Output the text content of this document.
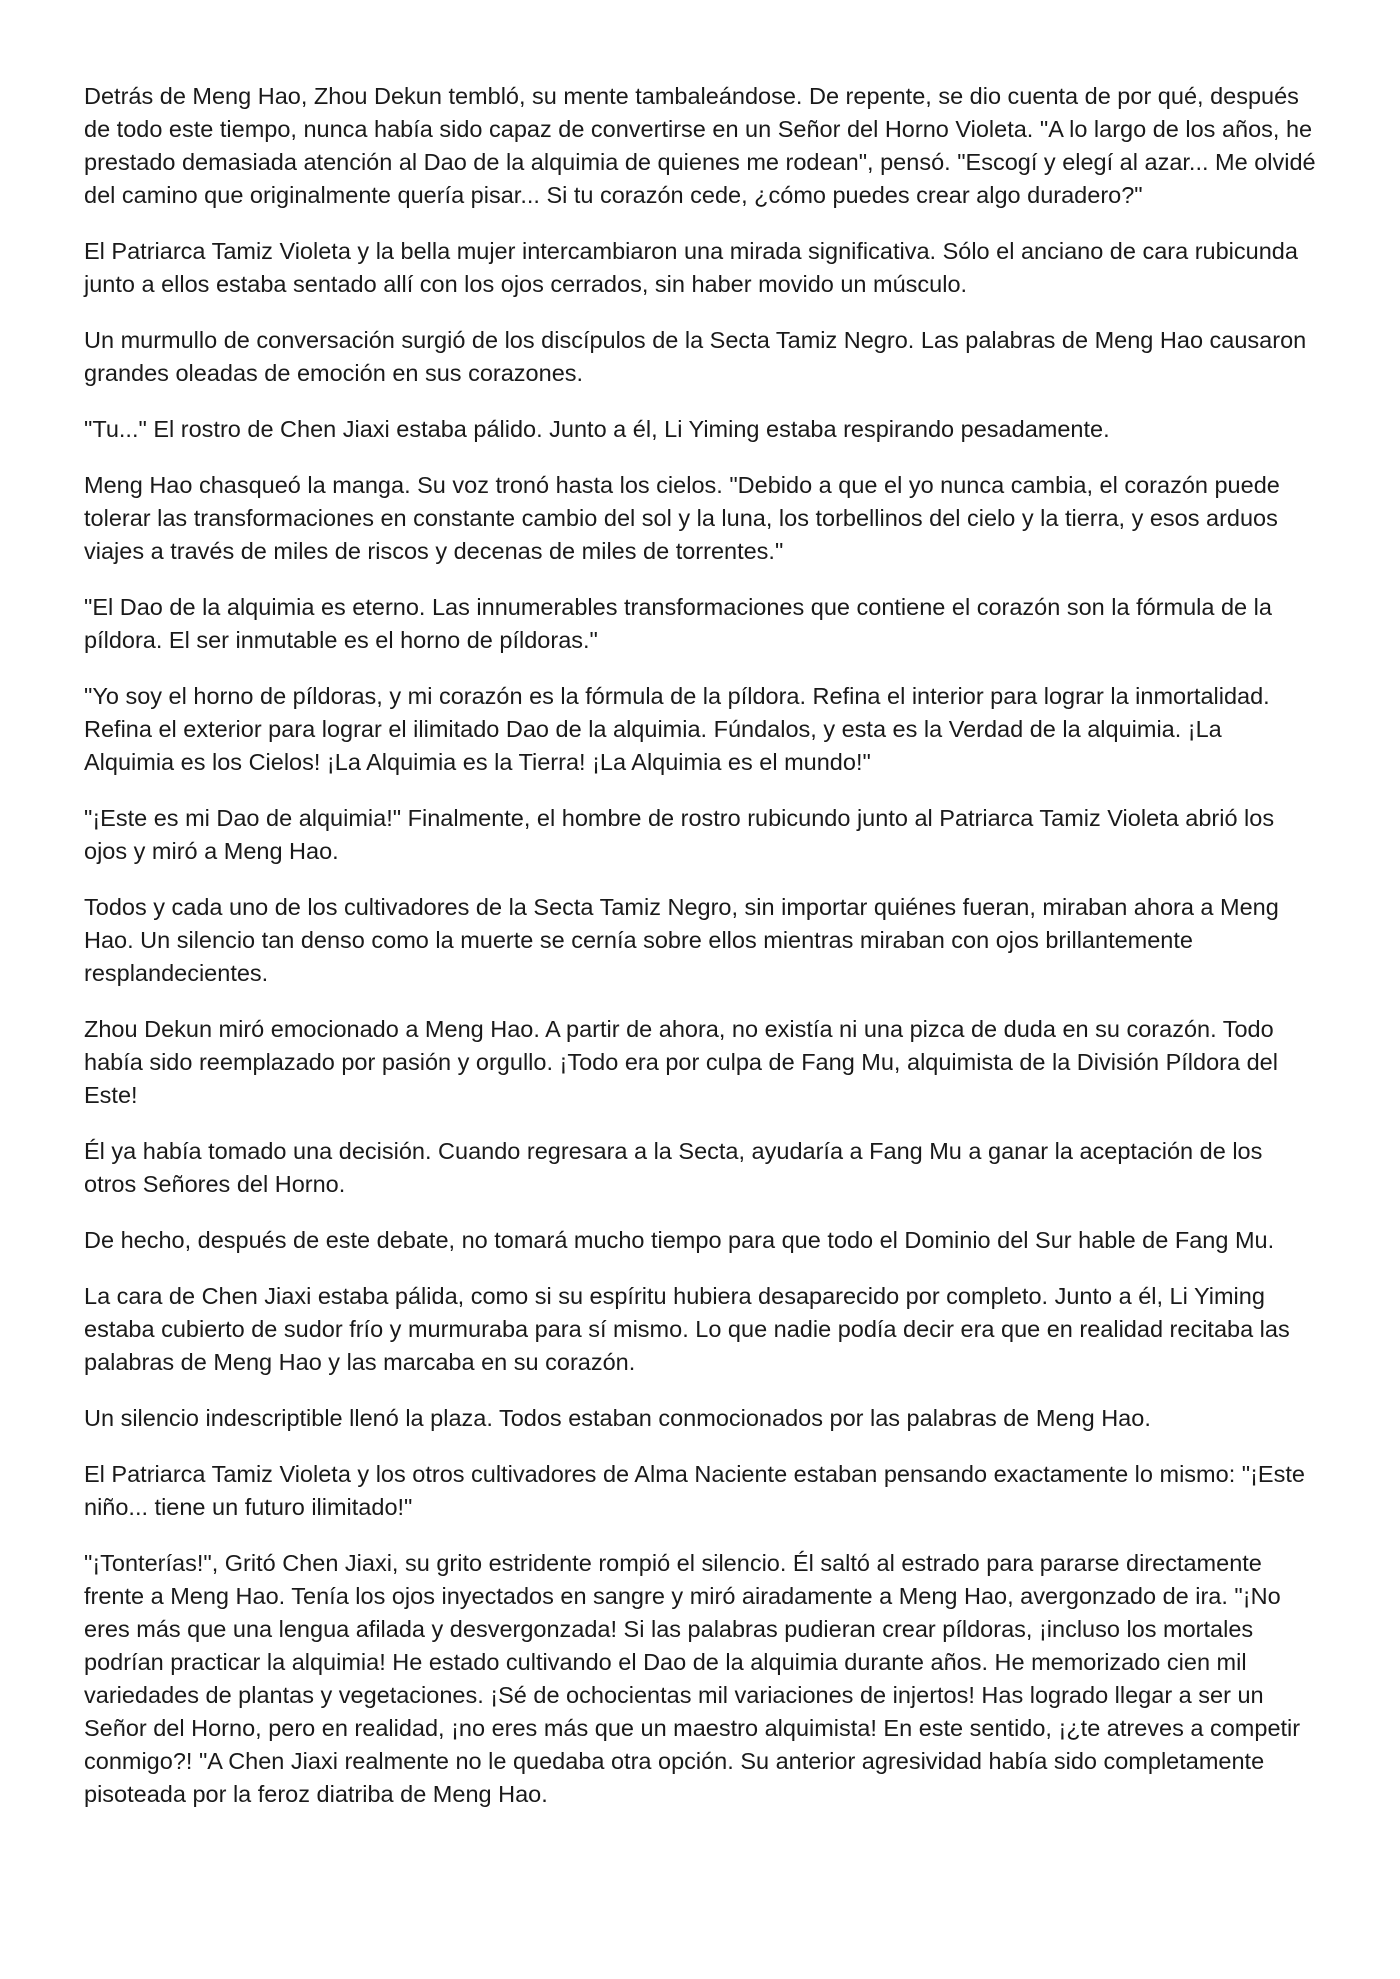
Detrás de Meng Hao, Zhou Dekun tembló, su mente tambaleándose. De repente, se dio cuenta de por qué, después de todo este tiempo, nunca había sido capaz de convertirse en un Señor del Horno Violeta. "A lo largo de los años, he prestado demasiada atención al Dao de la alquimia de quienes me rodean", pensó. "Escogí y elegí al azar... Me olvidé del camino que originalmente quería pisar... Si tu corazón cede, ¿cómo puedes crear algo duradero?"

El Patriarca Tamiz Violeta y la bella mujer intercambiaron una mirada significativa. Sólo el anciano de cara rubicunda junto a ellos estaba sentado allí con los ojos cerrados, sin haber movido un músculo.

Un murmullo de conversación surgió de los discípulos de la Secta Tamiz Negro. Las palabras de Meng Hao causaron grandes oleadas de emoción en sus corazones.

"Tu..." El rostro de Chen Jiaxi estaba pálido. Junto a él, Li Yiming estaba respirando pesadamente.

Meng Hao chasqueó la manga. Su voz tronó hasta los cielos. "Debido a que el yo nunca cambia, el corazón puede tolerar las transformaciones en constante cambio del sol y la luna, los torbellinos del cielo y la tierra, y esos arduos viajes a través de miles de riscos y decenas de miles de torrentes."

"El Dao de la alquimia es eterno. Las innumerables transformaciones que contiene el corazón son la fórmula de la píldora. El ser inmutable es el horno de píldoras."

"Yo soy el horno de píldoras, y mi corazón es la fórmula de la píldora. Refina el interior para lograr la inmortalidad. Refina el exterior para lograr el ilimitado Dao de la alquimia. Fúndalos, y esta es la Verdad de la alquimia. ¡La Alquimia es los Cielos! ¡La Alquimia es la Tierra! ¡La Alquimia es el mundo!"

"¡Este es mi Dao de alquimia!" Finalmente, el hombre de rostro rubicundo junto al Patriarca Tamiz Violeta abrió los ojos y miró a Meng Hao.

Todos y cada uno de los cultivadores de la Secta Tamiz Negro, sin importar quiénes fueran, miraban ahora a Meng Hao. Un silencio tan denso como la muerte se cernía sobre ellos mientras miraban con ojos brillantemente resplandecientes.

Zhou Dekun miró emocionado a Meng Hao. A partir de ahora, no existía ni una pizca de duda en su corazón. Todo había sido reemplazado por pasión y orgullo. ¡Todo era por culpa de Fang Mu, alquimista de la División Píldora del Este!

Él ya había tomado una decisión. Cuando regresara a la Secta, ayudaría a Fang Mu a ganar la aceptación de los otros Señores del Horno.

De hecho, después de este debate, no tomará mucho tiempo para que todo el Dominio del Sur hable de Fang Mu.

La cara de Chen Jiaxi estaba pálida, como si su espíritu hubiera desaparecido por completo. Junto a él, Li Yiming estaba cubierto de sudor frío y murmuraba para sí mismo. Lo que nadie podía decir era que en realidad recitaba las palabras de Meng Hao y las marcaba en su corazón.

Un silencio indescriptible llenó la plaza. Todos estaban conmocionados por las palabras de Meng Hao.

El Patriarca Tamiz Violeta y los otros cultivadores de Alma Naciente estaban pensando exactamente lo mismo: "¡Este niño... tiene un futuro ilimitado!"

"¡Tonterías!", Gritó Chen Jiaxi, su grito estridente rompió el silencio. Él saltó al estrado para pararse directamente frente a Meng Hao. Tenía los ojos inyectados en sangre y miró airadamente a Meng Hao, avergonzado de ira. "¡No eres más que una lengua afilada y desvergonzada! Si las palabras pudieran crear píldoras, ¡incluso los mortales podrían practicar la alquimia! He estado cultivando el Dao de la alquimia durante años. He memorizado cien mil variedades de plantas y vegetaciones. ¡Sé de ochocientas mil variaciones de injertos! Has logrado llegar a ser un Señor del Horno, pero en realidad, ¡no eres más que un maestro alquimista! En este sentido, ¡¿te atreves a competir conmigo?! "A Chen Jiaxi realmente no le quedaba otra opción. Su anterior agresividad había sido completamente pisoteada por la feroz diatriba de Meng Hao.
